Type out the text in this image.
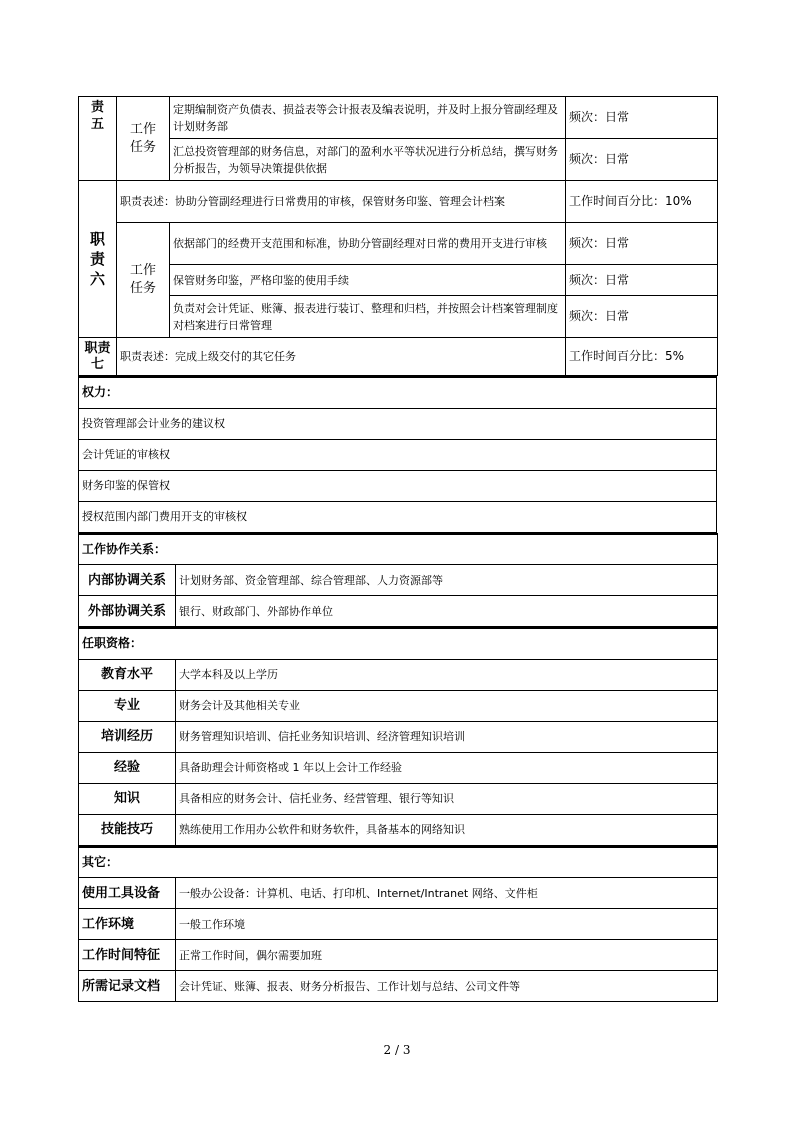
责
五	工作
任务	定期编制资产负债表、损益表等会计报表及编表说明，并及时上报分管副经理及计划财务部	频次：日常
		汇总投资管理部的财务信息，对部门的盈利水平等状况进行分析总结，撰写财务分析报告，为领导决策提供依据	频次：日常
职
责
六	职责表述：协助分管副经理进行日常费用的审核，保管财务印鉴、管理会计档案		工作时间百分比：10%
	工作
任务	依据部门的经费开支范围和标准，协助分管副经理对日常的费用开支进行审核	频次：日常
		保管财务印鉴，严格印鉴的使用手续	频次：日常
		负责对会计凭证、账簿、报表进行装订、整理和归档，并按照会计档案管理制度对档案进行日常管理	频次：日常
职责
七	职责表述：完成上级交付的其它任务		工作时间百分比：5%
权力：
投资管理部会计业务的建议权
会计凭证的审核权
财务印鉴的保管权
授权范围内部门费用开支的审核权
工作协作关系：	
内部协调关系	计划财务部、资金管理部、综合管理部、人力资源部等
外部协调关系	银行、财政部门、外部协作单位
任职资格：	
教育水平	大学本科及以上学历
专业	财务会计及其他相关专业
培训经历	财务管理知识培训、信托业务知识培训、经济管理知识培训
经验	具备助理会计师资格或 1 年以上会计工作经验
知识	具备相应的财务会计、信托业务、经营管理、银行等知识
技能技巧	熟练使用工作用办公软件和财务软件，具备基本的网络知识
其它：	
使用工具设备	一般办公设备：计算机、电话、打印机、Internet/Intranet 网络、文件柜
工作环境	一般工作环境
工作时间特征	正常工作时间，偶尔需要加班
所需记录文档	会计凭证、账簿、报表、财务分析报告、工作计划与总结、公司文件等
2 / 3
